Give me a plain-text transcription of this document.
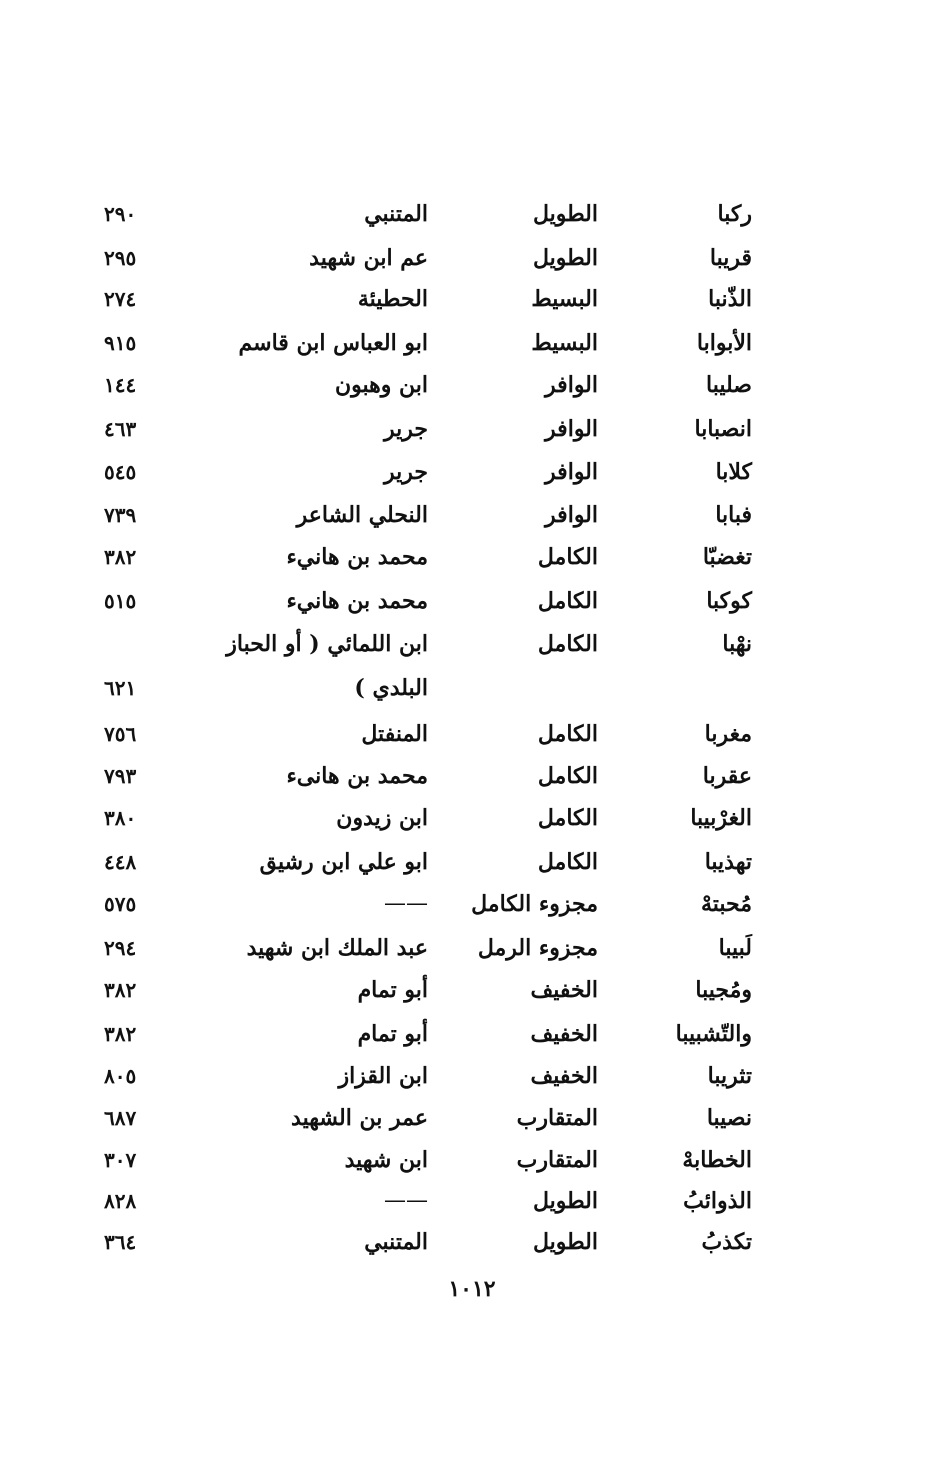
ركبا
الطويل
المتنبي
٢٩٠
قريبا
الطويل
عم ابن شهيد
٢٩٥
الذّنبا
البسيط
الحطيئة
٢٧٤
الأبوابا
البسيط
ابو العباس ابن قاسم
٩١٥
صليبا
الوافر
ابن وهبون
١٤٤
انصبابا
الوافر
جرير
٤٦٣
كلابا
الوافر
جرير
٥٤٥
فبابا
الوافر
النحلي الشاعر
٧٣٩
تغضبّا
الكامل
محمد بن هانيء
٣٨٢
كوكبا
الكامل
محمد بن هانيء
٥١٥
نهْبا
الكامل
ابن اللمائي ( أو الحباز
البلدي )
٦٢١
مغربا
الكامل
المنفتل
٧٥٦
عقربا
الكامل
محمد بن هانىء
٧٩٣
الغرْبيبا
الكامل
ابن زيدون
٣٨٠
تهذيبا
الكامل
ابو علي ابن رشيق
٤٤٨
مُحبتهْ
مجزوء الكامل
——
٥٧٥
لَبيبا
مجزوء الرمل
عبد الملك ابن شهيد
٢٩٤
ومُجيبا
الخفيف
أبو تمام
٣٨٢
والتّشبيبا
الخفيف
أبو تمام
٣٨٢
تثريبا
الخفيف
ابن القزاز
٨٠٥
نصيبا
المتقارب
عمر بن الشهيد
٦٨٧
الخطابهْ
المتقارب
ابن شهيد
٣٠٧
الذوائبُ
الطويل
——
٨٢٨
تكذبُ
الطويل
المتنبي
٣٦٤
١٠١٢
